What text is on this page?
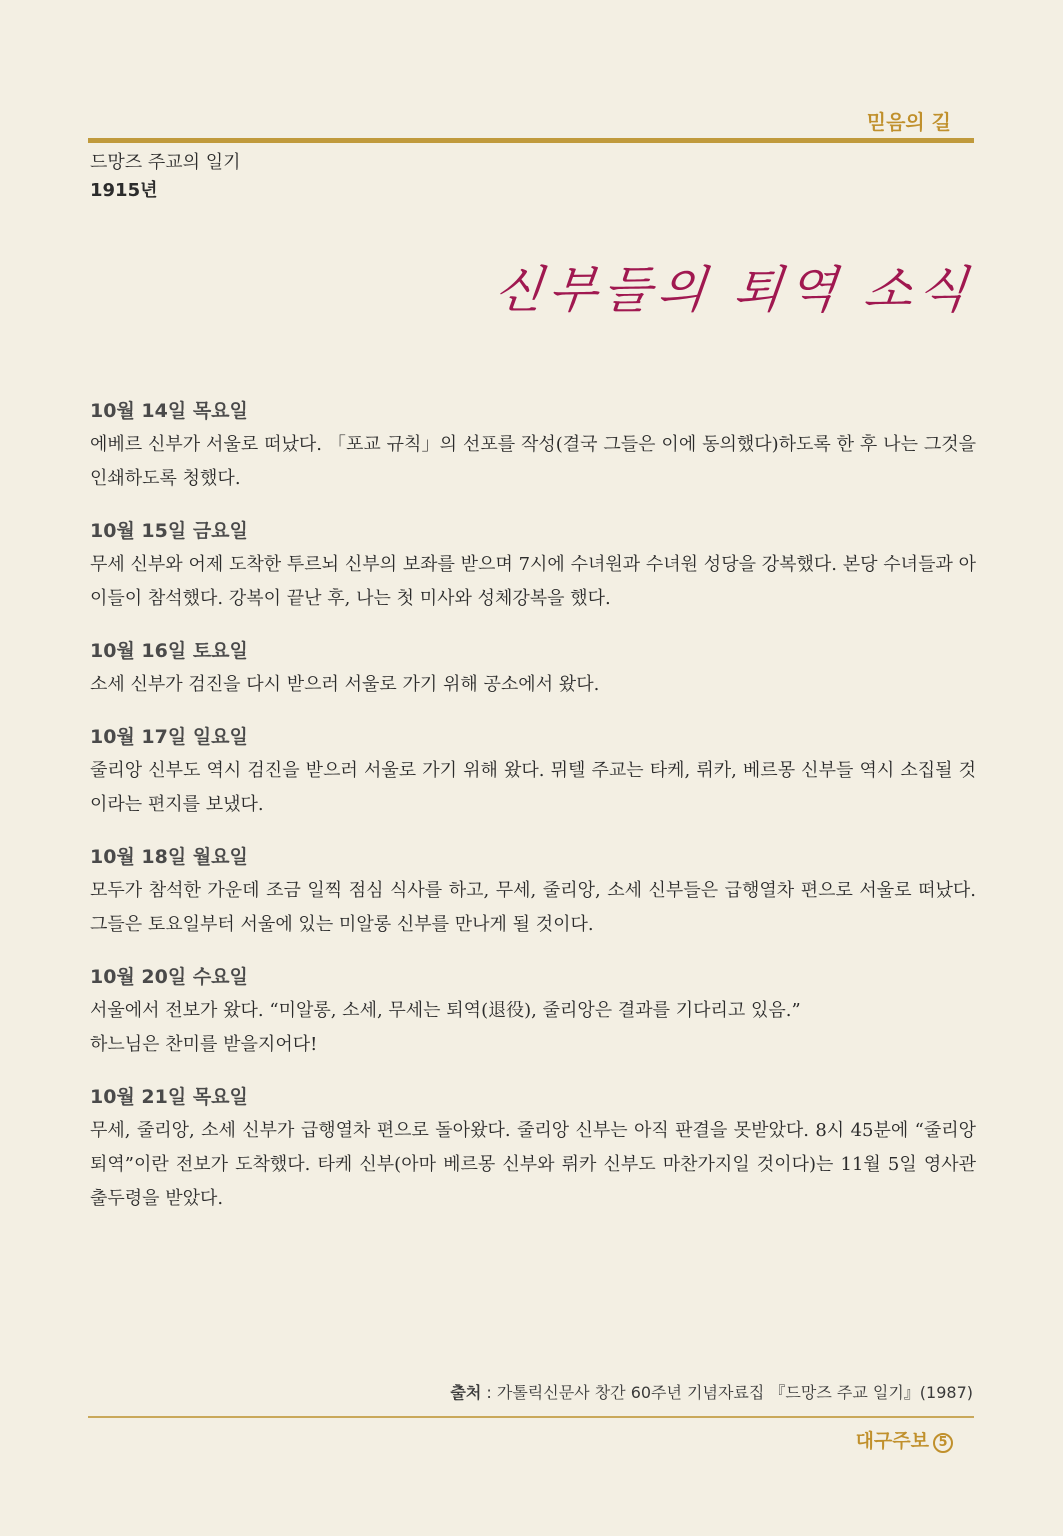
믿음의 길
드망즈 주교의 일기
1915년
신부들의 퇴역 소식
10월 14일 목요일
에베르 신부가 서울로 떠났다. 「포교 규칙」의 선포를 작성(결국 그들은 이에 동의했다)하도록 한 후 나는 그것을 인쇄하도록 청했다.
10월 15일 금요일
무세 신부와 어제 도착한 투르뇌 신부의 보좌를 받으며 7시에 수녀원과 수녀원 성당을 강복했다. 본당 수녀들과 아이들이 참석했다. 강복이 끝난 후, 나는 첫 미사와 성체강복을 했다.
10월 16일 토요일
소세 신부가 검진을 다시 받으러 서울로 가기 위해 공소에서 왔다.
10월 17일 일요일
줄리앙 신부도 역시 검진을 받으러 서울로 가기 위해 왔다. 뮈텔 주교는 타케, 뤼카, 베르몽 신부들 역시 소집될 것이라는 편지를 보냈다.
10월 18일 월요일
모두가 참석한 가운데 조금 일찍 점심 식사를 하고, 무세, 줄리앙, 소세 신부들은 급행열차 편으로 서울로 떠났다. 그들은 토요일부터 서울에 있는 미알롱 신부를 만나게 될 것이다.
10월 20일 수요일
서울에서 전보가 왔다. “미알롱, 소세, 무세는 퇴역(退役), 줄리앙은 결과를 기다리고 있음.”
하느님은 찬미를 받을지어다!
10월 21일 목요일
무세, 줄리앙, 소세 신부가 급행열차 편으로 돌아왔다. 줄리앙 신부는 아직 판결을 못받았다. 8시 45분에 “줄리앙 퇴역”이란 전보가 도착했다. 타케 신부(아마 베르몽 신부와 뤼카 신부도 마찬가지일 것이다)는 11월 5일 영사관 출두령을 받았다.
출처 : 가톨릭신문사 창간 60주년 기념자료집 『드망즈 주교 일기』(1987)
대구주보 5
